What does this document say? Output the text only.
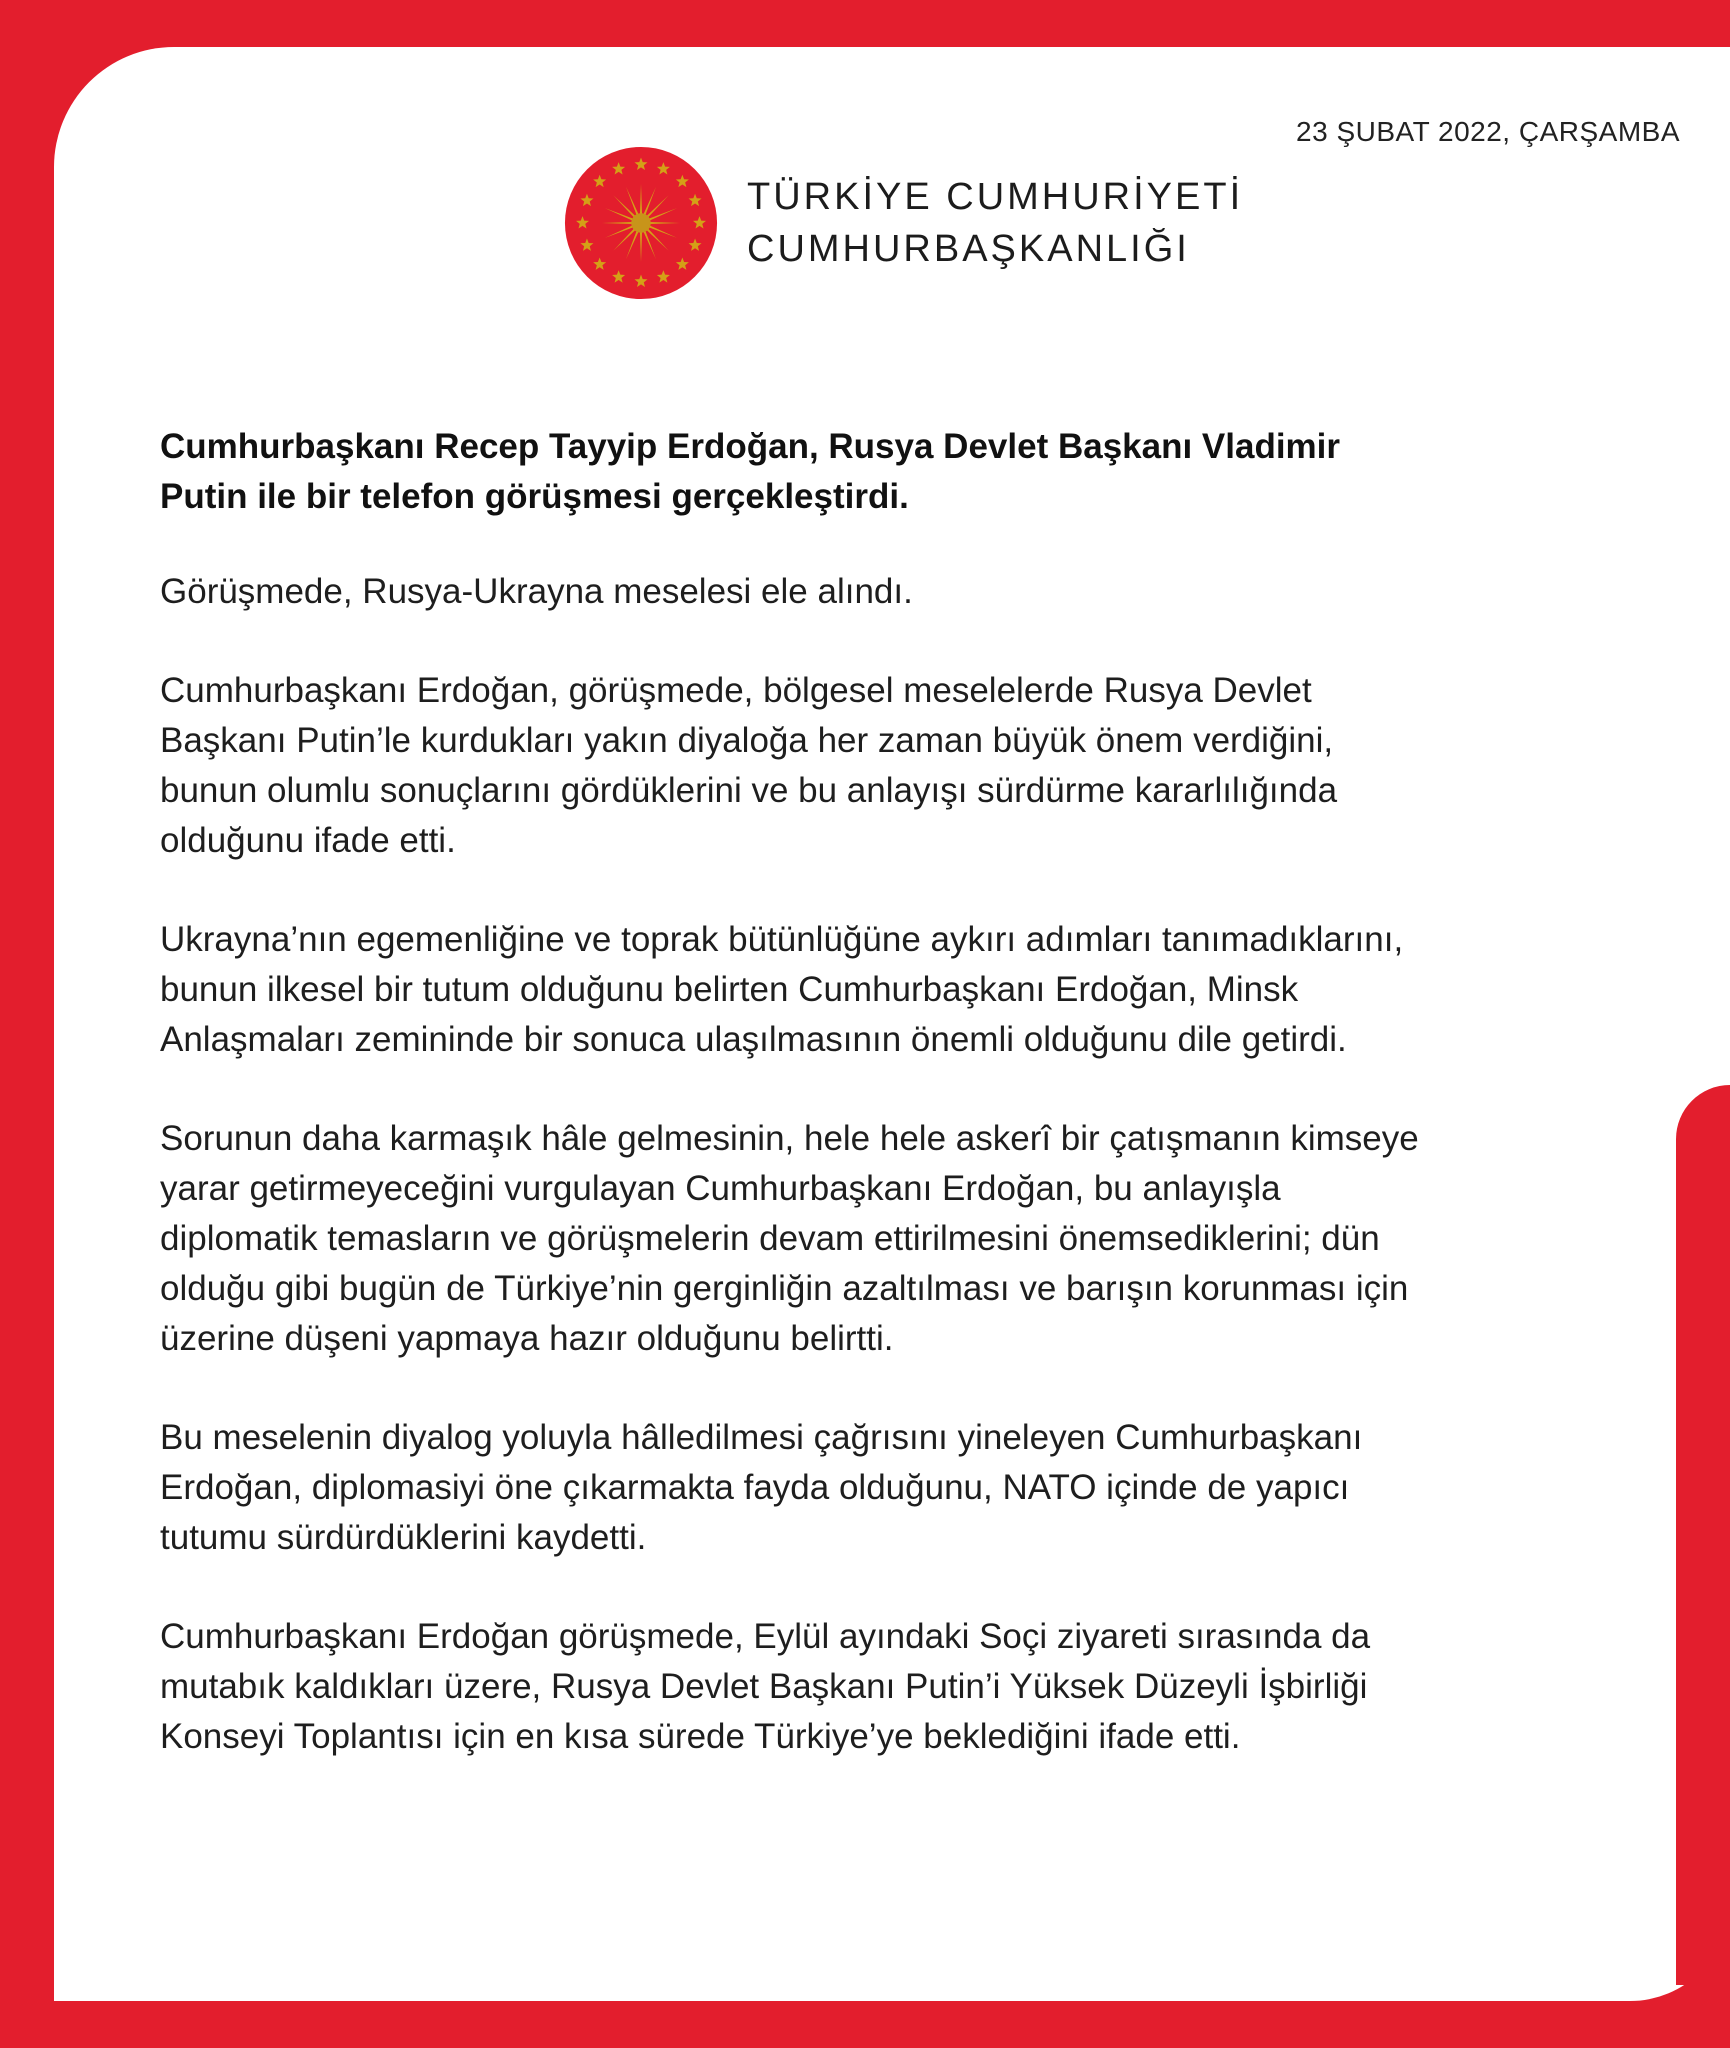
23 ŞUBAT 2022, ÇARŞAMBA
TÜRKİYE CUMHURİYETİ
CUMHURBAŞKANLIĞI

Cumhurbaşkanı Recep Tayyip Erdoğan, Rusya Devlet Başkanı Vladimir Putin ile bir telefon görüşmesi gerçekleştirdi.

Görüşmede, Rusya-Ukrayna meselesi ele alındı.

Cumhurbaşkanı Erdoğan, görüşmede, bölgesel meselelerde Rusya Devlet Başkanı Putin’le kurdukları yakın diyaloğa her zaman büyük önem verdiğini, bunun olumlu sonuçlarını gördüklerini ve bu anlayışı sürdürme kararlılığında olduğunu ifade etti.

Ukrayna’nın egemenliğine ve toprak bütünlüğüne aykırı adımları tanımadıklarını, bunun ilkesel bir tutum olduğunu belirten Cumhurbaşkanı Erdoğan, Minsk Anlaşmaları zemininde bir sonuca ulaşılmasının önemli olduğunu dile getirdi.

Sorunun daha karmaşık hâle gelmesinin, hele hele askerî bir çatışmanın kimseye yarar getirmeyeceğini vurgulayan Cumhurbaşkanı Erdoğan, bu anlayışla diplomatik temasların ve görüşmelerin devam ettirilmesini önemsediklerini; dün olduğu gibi bugün de Türkiye’nin gerginliğin azaltılması ve barışın korunması için üzerine düşeni yapmaya hazır olduğunu belirtti.

Bu meselenin diyalog yoluyla hâlledilmesi çağrısını yineleyen Cumhurbaşkanı Erdoğan, diplomasiyi öne çıkarmakta fayda olduğunu, NATO içinde de yapıcı tutumu sürdürdüklerini kaydetti.

Cumhurbaşkanı Erdoğan görüşmede, Eylül ayındaki Soçi ziyareti sırasında da mutabık kaldıkları üzere, Rusya Devlet Başkanı Putin’i Yüksek Düzeyli İşbirliği Konseyi Toplantısı için en kısa sürede Türkiye’ye beklediğini ifade etti.
